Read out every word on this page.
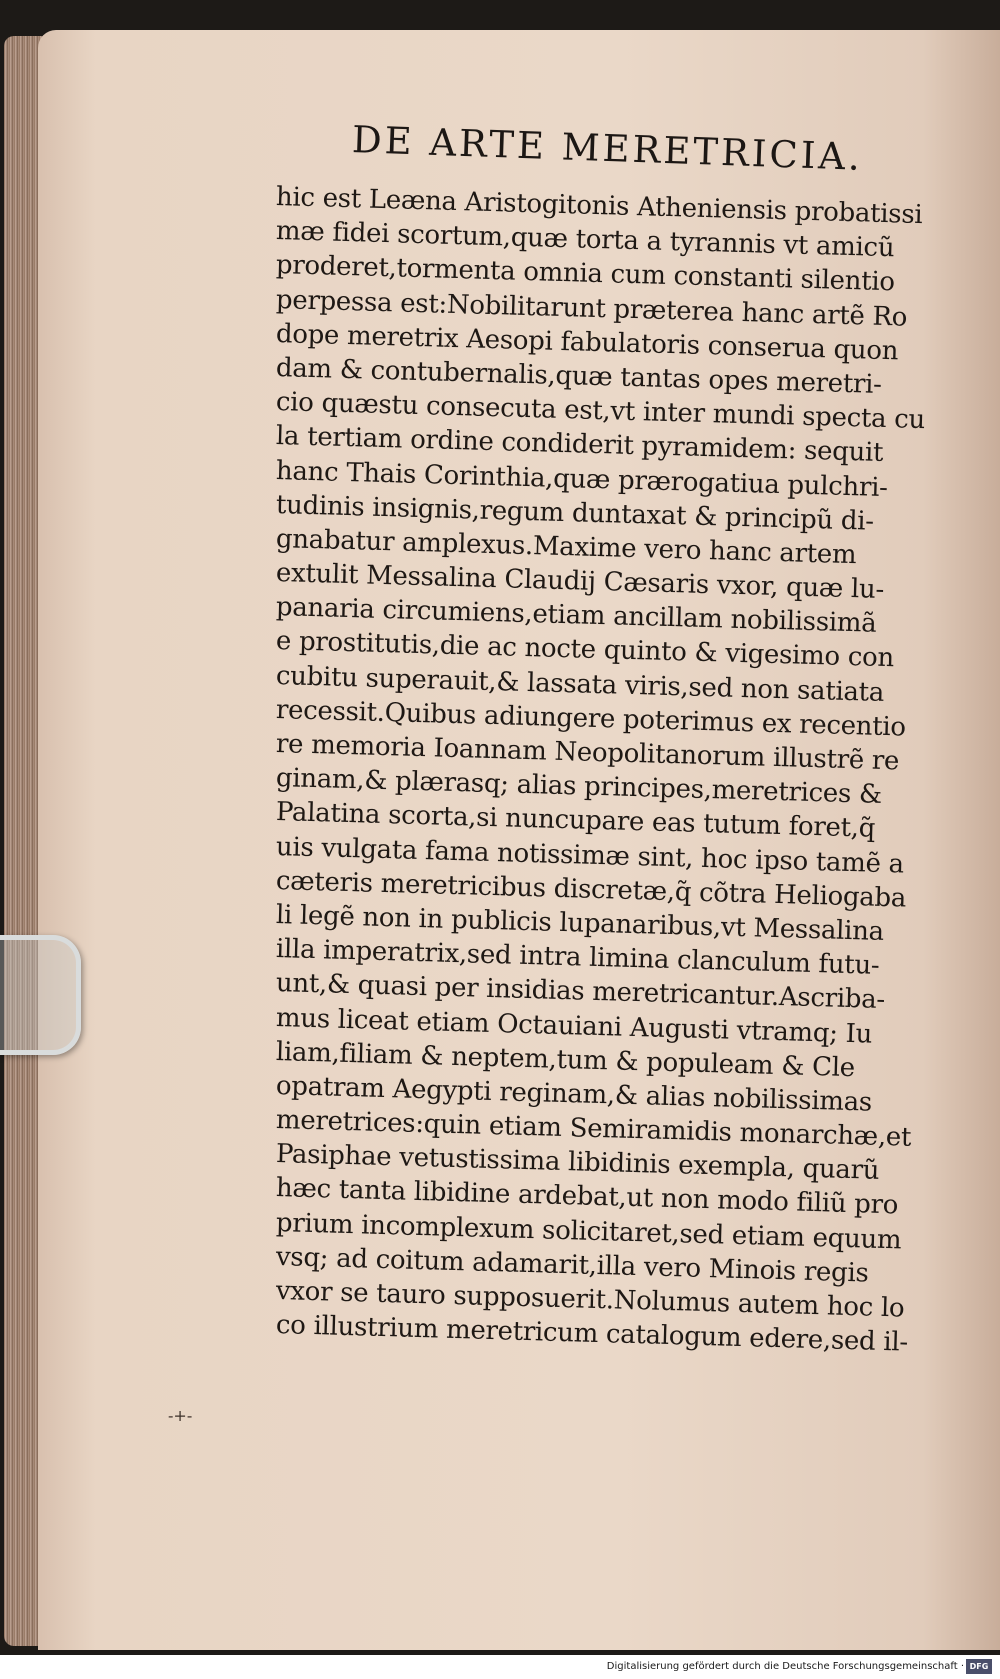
DE ARTE MERETRICIA.
hic est Leæna Aristogitonis Atheniensis probatissi
mæ fidei scortum,quæ torta a tyrannis vt amicũ
proderet,tormenta omnia cum constanti silentio
perpessa est:Nobilitarunt præterea hanc artẽ Ro
dope meretrix Aesopi fabulatoris conserua quon
dam & contubernalis,quæ tantas opes meretri-
cio quæstu consecuta est,vt inter mundi specta cu
la tertiam ordine condiderit pyramidem: sequit
hanc Thais Corinthia,quæ prærogatiua pulchri-
tudinis insignis,regum duntaxat & principũ di-
gnabatur amplexus.Maxime vero hanc artem
extulit Messalina Claudij Cæsaris vxor, quæ lu-
panaria circumiens,etiam ancillam nobilissimã
e prostitutis,die ac nocte quinto & vigesimo con
cubitu superauit,& lassata viris,sed non satiata
recessit.Quibus adiungere poterimus ex recentio
re memoria Ioannam Neopolitanorum illustrẽ re
ginam,& plærasq; alias principes,meretrices &
Palatina scorta,si nuncupare eas tutum foret,q̃
uis vulgata fama notissimæ sint, hoc ipso tamẽ a
cæteris meretricibus discretæ,q̃ cõtra Heliogaba
li legẽ non in publicis lupanaribus,vt Messalina
illa imperatrix,sed intra limina clanculum futu-
unt,& quasi per insidias meretricantur.Ascriba-
mus liceat etiam Octauiani Augusti vtramq; Iu
liam,filiam & neptem,tum & populeam & Cle
opatram Aegypti reginam,& alias nobilissimas
meretrices:quin etiam Semiramidis monarchæ,et
Pasiphae vetustissima libidinis exempla, quarũ
hæc tanta libidine ardebat,ut non modo filiũ pro
prium incomplexum solicitaret,sed etiam equum
vsq; ad coitum adamarit,illa vero Minois regis
vxor se tauro supposuerit.Nolumus autem hoc lo
co illustrium meretricum catalogum edere,sed il-
-+-
Digitalisierung gefördert durch die Deutsche Forschungsgemeinschaft · DFG
